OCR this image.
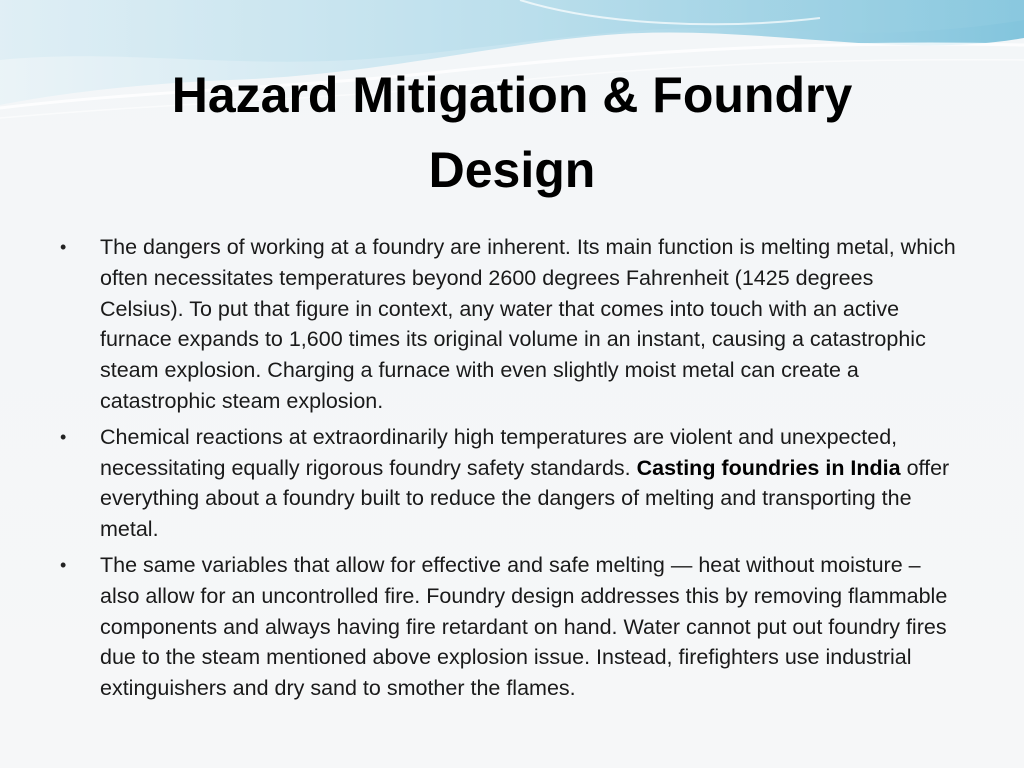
Hazard Mitigation & Foundry
Design
•	The dangers of working at a foundry are inherent. Its main function is melting metal, which often necessitates temperatures beyond 2600 degrees Fahrenheit (1425 degrees Celsius). To put that figure in context, any water that comes into touch with an active furnace expands to 1,600 times its original volume in an instant, causing a catastrophic steam explosion. Charging a furnace with even slightly moist metal can create a catastrophic steam explosion.
•	Chemical reactions at extraordinarily high temperatures are violent and unexpected, necessitating equally rigorous foundry safety standards. Casting foundries in India offer everything about a foundry built to reduce the dangers of melting and transporting the metal.
•	The same variables that allow for effective and safe melting — heat without moisture – also allow for an uncontrolled fire. Foundry design addresses this by removing flammable components and always having fire retardant on hand. Water cannot put out foundry fires due to the steam mentioned above explosion issue. Instead, firefighters use industrial extinguishers and dry sand to smother the flames.
